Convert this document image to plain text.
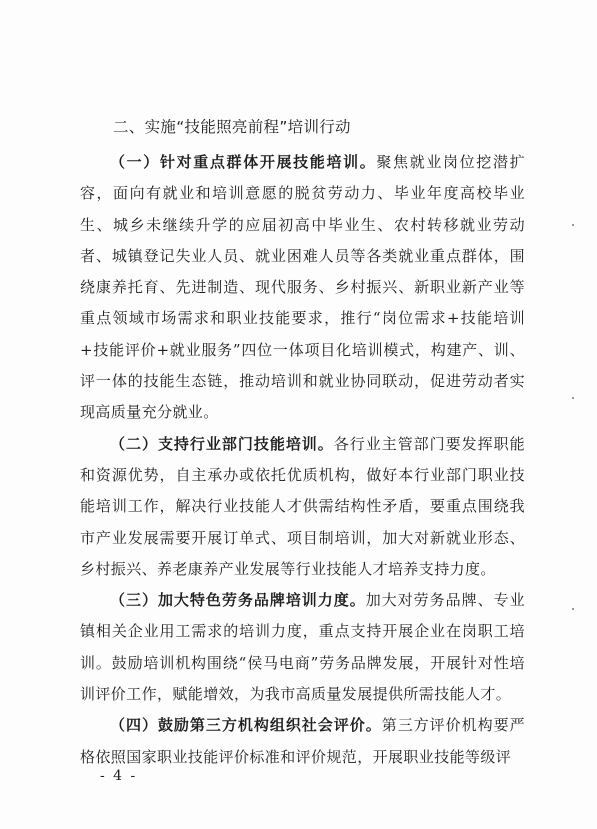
二、实施“技能照亮前程”培训行动

（一）针对重点群体开展技能培训。聚焦就业岗位挖潜扩容，面向有就业和培训意愿的脱贫劳动力、毕业年度高校毕业生、城乡未继续升学的应届初高中毕业生、农村转移就业劳动者、城镇登记失业人员、就业困难人员等各类就业重点群体，围绕康养托育、先进制造、现代服务、乡村振兴、新职业新产业等重点领域市场需求和职业技能要求，推行“岗位需求+技能培训+技能评价+就业服务”四位一体项目化培训模式，构建产、训、评一体的技能生态链，推动培训和就业协同联动，促进劳动者实现高质量充分就业。

（二）支持行业部门技能培训。各行业主管部门要发挥职能和资源优势，自主承办或依托优质机构，做好本行业部门职业技能培训工作，解决行业技能人才供需结构性矛盾，要重点围绕我市产业发展需要开展订单式、项目制培训，加大对新就业形态、乡村振兴、养老康养产业发展等行业技能人才培养支持力度。

（三）加大特色劳务品牌培训力度。加大对劳务品牌、专业镇相关企业用工需求的培训力度，重点支持开展企业在岗职工培训。鼓励培训机构围绕“侯马电商”劳务品牌发展，开展针对性培训评价工作，赋能增效，为我市高质量发展提供所需技能人才。

（四）鼓励第三方机构组织社会评价。第三方评价机构要严格依照国家职业技能评价标准和评价规范，开展职业技能等级评

- 4 -
